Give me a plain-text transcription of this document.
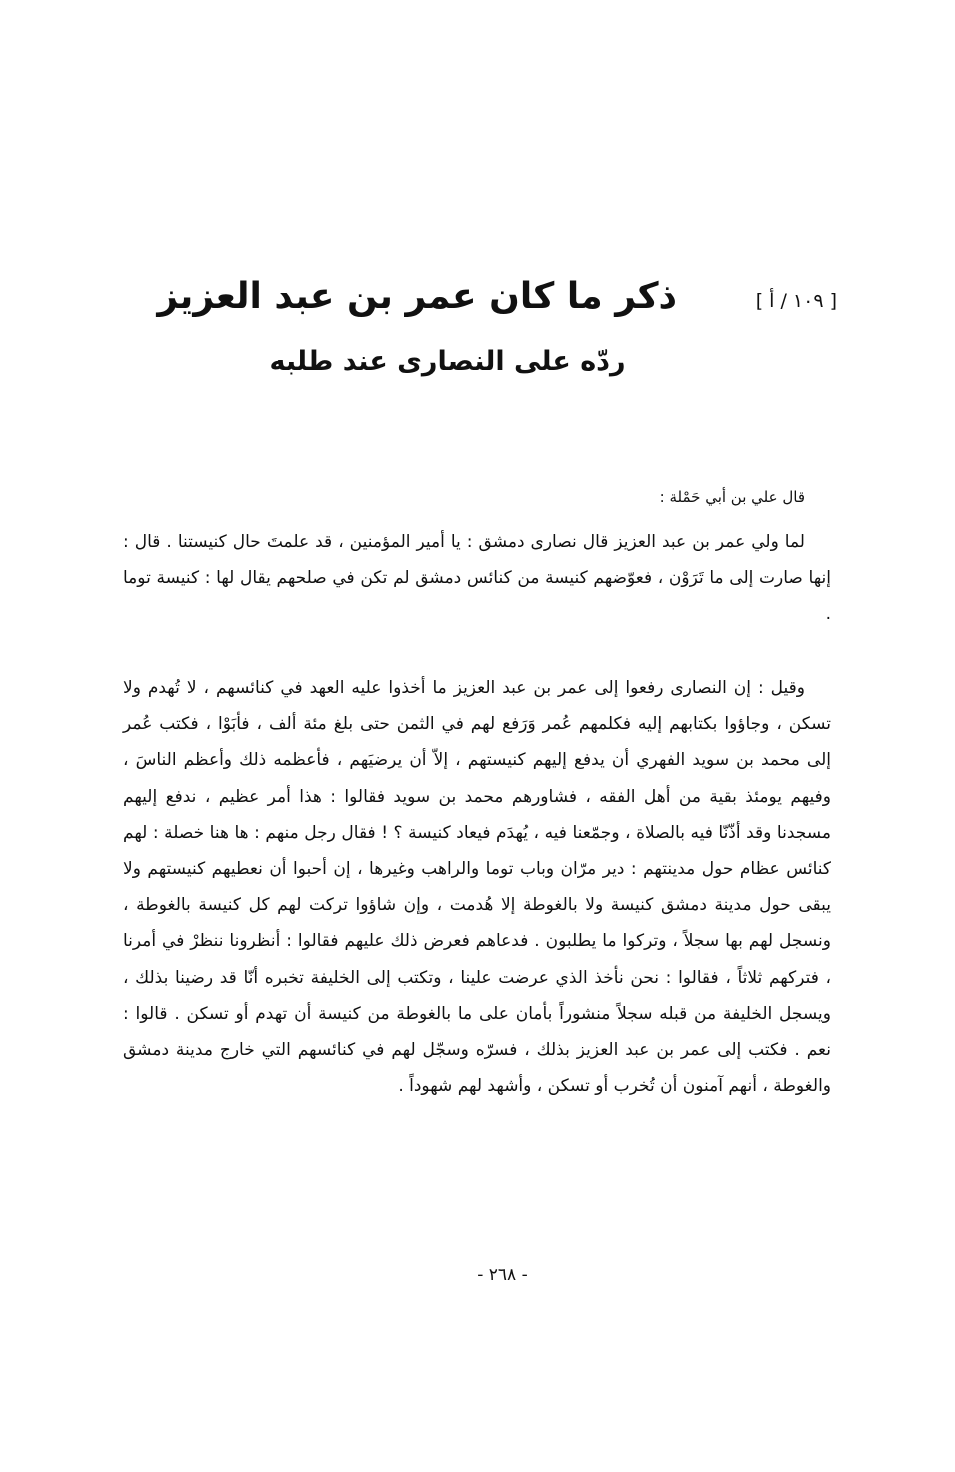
[ ١٠٩ / أ ]
ذكر ما كان عمر بن عبد العزيز
ردّه على النصارى عند طلبه
قال علي بن أبي حَمْلة :

لما ولي عمر بن عبد العزيز قال نصارى دمشق : يا أمير المؤمنين ، قد علمتَ حال كنيستنا . قال : إنها صارت إلى ما تَرَوْن ، فعوّضهم كنيسة من كنائس دمشق لم تكن في صلحهم يقال لها : كنيسة توما .

وقيل : إن النصارى رفعوا إلى عمر بن عبد العزيز ما أخذوا عليه العهد في كنائسهم ، لا تُهدم ولا تسكن ، وجاؤوا بكتابهم إليه فكلمهم عُمر وَرَفع لهم في الثمن حتى بلغ مئة ألف ، فأبَوْا ، فكتب عُمر إلى محمد بن سويد الفهري أن يدفع إليهم كنيستهم ، إلاّ أن يرضيَهم ، فأعظمه ذلك وأعظم الناسَ ، وفيهم يومئذ بقية من أهل الفقه ، فشاورهم محمد بن سويد فقالوا : هذا أمر عظيم ، ندفع إليهم مسجدنا وقد أذّنّا فيه بالصلاة ، وجمّعنا فيه ، يُهدَم فيعاد كنيسة ؟ ! فقال رجل منهم : ها هنا خصلة : لهم كنائس عظام حول مدينتهم : دير مرّان وباب توما والراهب وغيرها ، إن أحبوا أن نعطيهم كنيستهم ولا يبقى حول مدينة دمشق كنيسة ولا بالغوطة إلا هُدمت ، وإن شاؤوا تركت لهم كل كنيسة بالغوطة ، ونسجل لهم بها سجلاً ، وتركوا ما يطلبون . فدعاهم فعرض ذلك عليهم فقالوا : أنظرونا ننظرْ في أمرنا ، فتركهم ثلاثاً ، فقالوا : نحن نأخذ الذي عرضت علينا ، وتكتب إلى الخليفة تخبره أنّا قد رضينا بذلك ، ويسجل الخليفة من قبله سجلاً منشوراً بأمان على ما بالغوطة من كنيسة أن تهدم أو تسكن . قالوا : نعم . فكتب إلى عمر بن عبد العزيز بذلك ، فسرّه وسجّل لهم في كنائسهم التي خارج مدينة دمشق والغوطة ، أنهم آمنون أن تُخرب أو تسكن ، وأشهد لهم شهوداً .

- ٢٦٨ -
